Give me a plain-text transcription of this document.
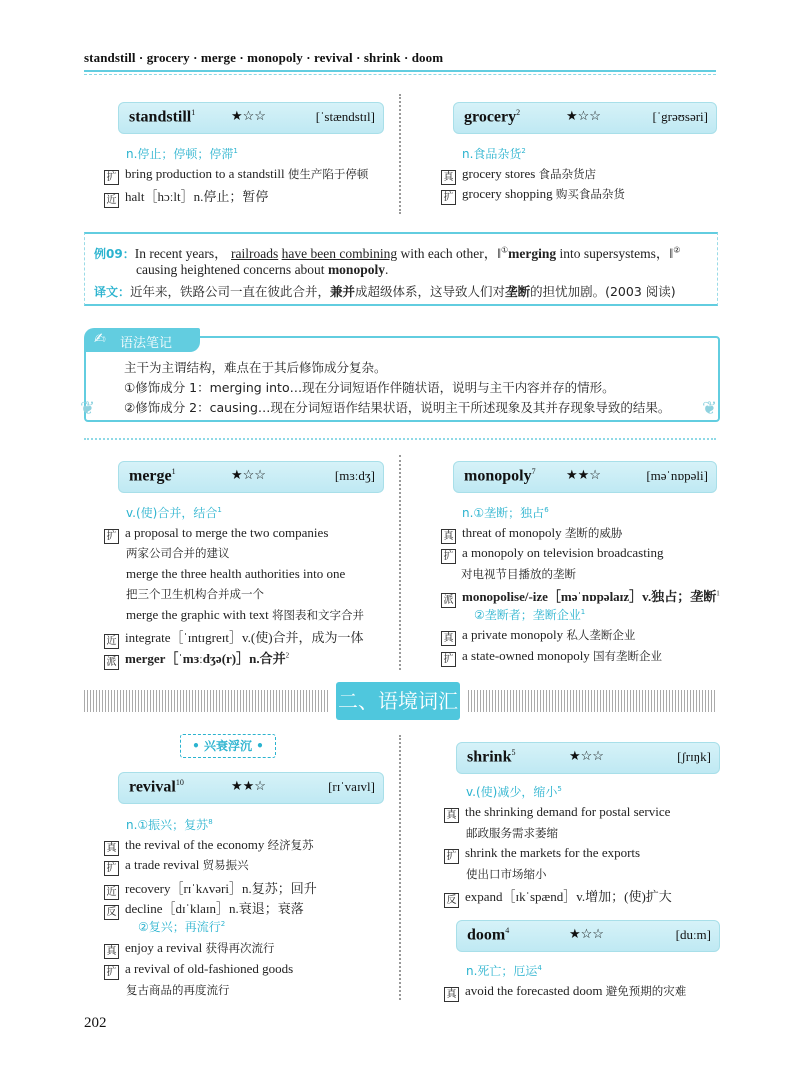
standstill · grocery · merge · monopoly · revival · shrink · doom
standstill$^1$	★☆☆	[ˈstændstɪl]
n.停止；停顿；停滞$^1$
扩 bring production to a standstill 使生产陷于停顿
近 halt［hɔːlt］n.停止；暂停
grocery$^2$	★☆☆	[ˈgrəʊsəri]
n.食品杂货$^2$
真 grocery stores 食品杂货店
扩 grocery shopping 购买食品杂货
例09：In recent years， railroads have been combining with each other，‖①merging into supersystems，‖②
causing heightened concerns about monopoly.
译文：近年来，铁路公司一直在彼此合并，兼并成超级体系，这导致人们对垄断的担忧加剧。(2003 阅读)
❦	❦
✍ 语法笔记
主干为主谓结构，难点在于其后修饰成分复杂。
①修饰成分 1：merging into…现在分词短语作伴随状语，说明与主干内容并存的情形。
②修饰成分 2：causing…现在分词短语作结果状语，说明主干所述现象及其并存现象导致的结果。
merge$^1$	★☆☆	[mɜːdʒ]
v.(使)合并，结合$^1$
扩 a proposal to merge the two companies
两家公司合并的建议
merge the three health authorities into one
把三个卫生机构合并成一个
merge the graphic with text 将图表和文字合并
近 integrate［ˈɪntɪgreɪt］v.(使)合并，成为一体
派 merger［ˈmɜːdʒə(r)］n.合并$^2$
monopoly$^7$ ★★☆	[məˈnɒpəli]
n.①垄断；独占$^6$
真 threat of monopoly 垄断的威胁
扩 a monopoly on television broadcasting
对电视节目播放的垄断
派 monopolise/-ize［məˈnɒpəlaɪz］v.独占；垄断$^1$
②垄断者；垄断企业$^1$
真 a private monopoly 私人垄断企业
扩 a state-owned monopoly 国有垄断企业
二、语境词汇
• 兴衰浮沉 •
revival$^{10}$	★★☆	[rɪˈvaɪvl]
n.①振兴；复苏$^8$
真 the revival of the economy 经济复苏
扩 a trade revival 贸易振兴
近 recovery［rɪˈkʌvəri］n.复苏；回升
反 decline［dɪˈklaɪn］n.衰退；衰落
②复兴；再流行$^2$
真 enjoy a revival 获得再次流行
扩 a revival of old-fashioned goods
复古商品的再度流行
shrink$^5$	★☆☆	[ʃrɪŋk]
v.(使)减少，缩小$^5$
真 the shrinking demand for postal service
邮政服务需求萎缩
扩 shrink the markets for the exports
使出口市场缩小
反 expand［ɪkˈspænd］v.增加；(使)扩大
doom$^4$	★☆☆	[duːm]
n.死亡；厄运$^4$
真 avoid the forecasted doom 避免预期的灾难
202
